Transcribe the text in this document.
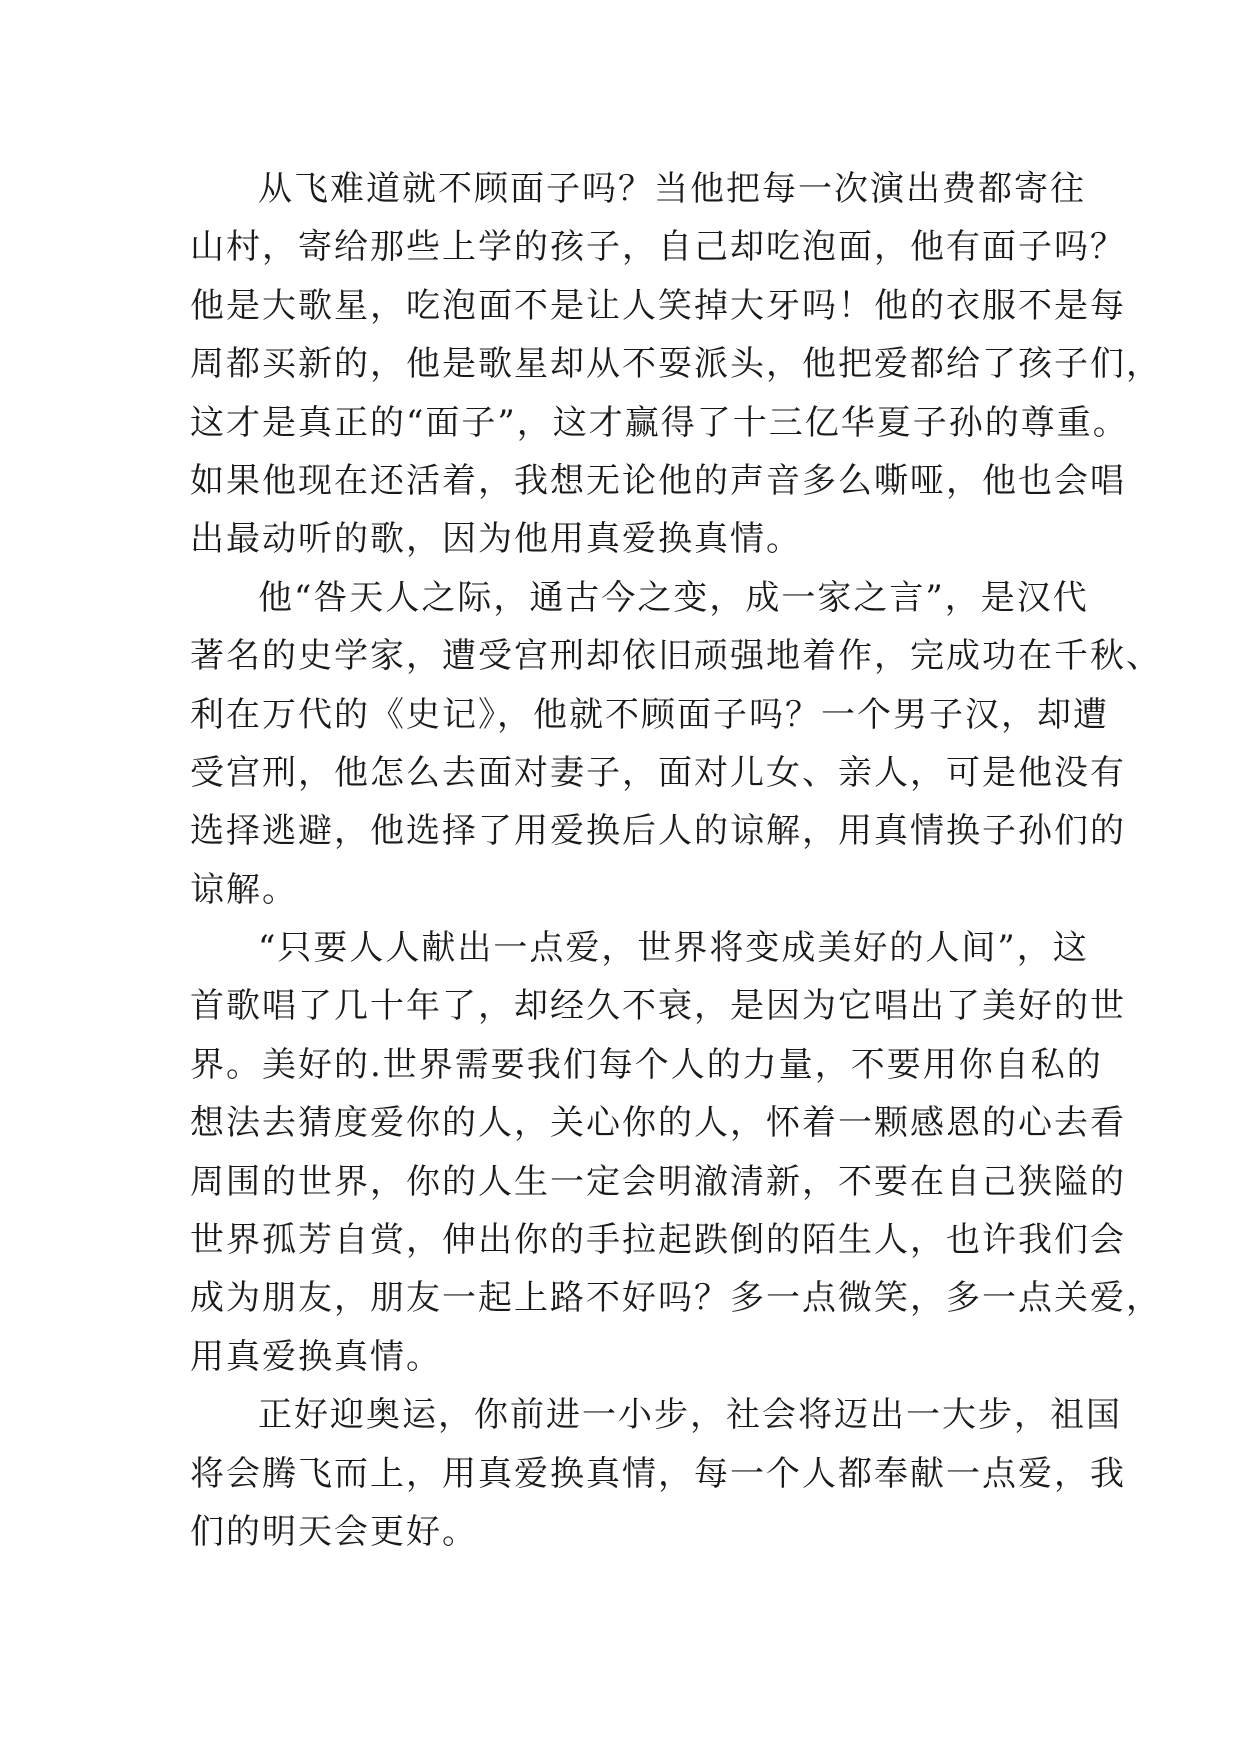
从飞难道就不顾面子吗？当他把每一次演出费都寄往
山村，寄给那些上学的孩子，自己却吃泡面，他有面子吗？
他是大歌星，吃泡面不是让人笑掉大牙吗！他的衣服不是每
周都买新的，他是歌星却从不耍派头，他把爱都给了孩子们，
这才是真正的“面子”，这才赢得了十三亿华夏子孙的尊重。
如果他现在还活着，我想无论他的声音多么嘶哑，他也会唱
出最动听的歌，因为他用真爱换真情。
他“咎天人之际，通古今之变，成一家之言”，是汉代
著名的史学家，遭受宫刑却依旧顽强地着作，完成功在千秋、
利在万代的《史记》，他就不顾面子吗？一个男子汉，却遭
受宫刑，他怎么去面对妻子，面对儿女、亲人，可是他没有
选择逃避，他选择了用爱换后人的谅解，用真情换子孙们的
谅解。
“只要人人献出一点爱，世界将变成美好的人间”，这
首歌唱了几十年了，却经久不衰，是因为它唱出了美好的世
界。美好的.世界需要我们每个人的力量，不要用你自私的
想法去猜度爱你的人，关心你的人，怀着一颗感恩的心去看
周围的世界，你的人生一定会明澈清新，不要在自己狭隘的
世界孤芳自赏，伸出你的手拉起跌倒的陌生人，也许我们会
成为朋友，朋友一起上路不好吗？多一点微笑，多一点关爱，
用真爱换真情。
正好迎奥运，你前进一小步，社会将迈出一大步，祖国
将会腾飞而上，用真爱换真情，每一个人都奉献一点爱，我
们的明天会更好。
